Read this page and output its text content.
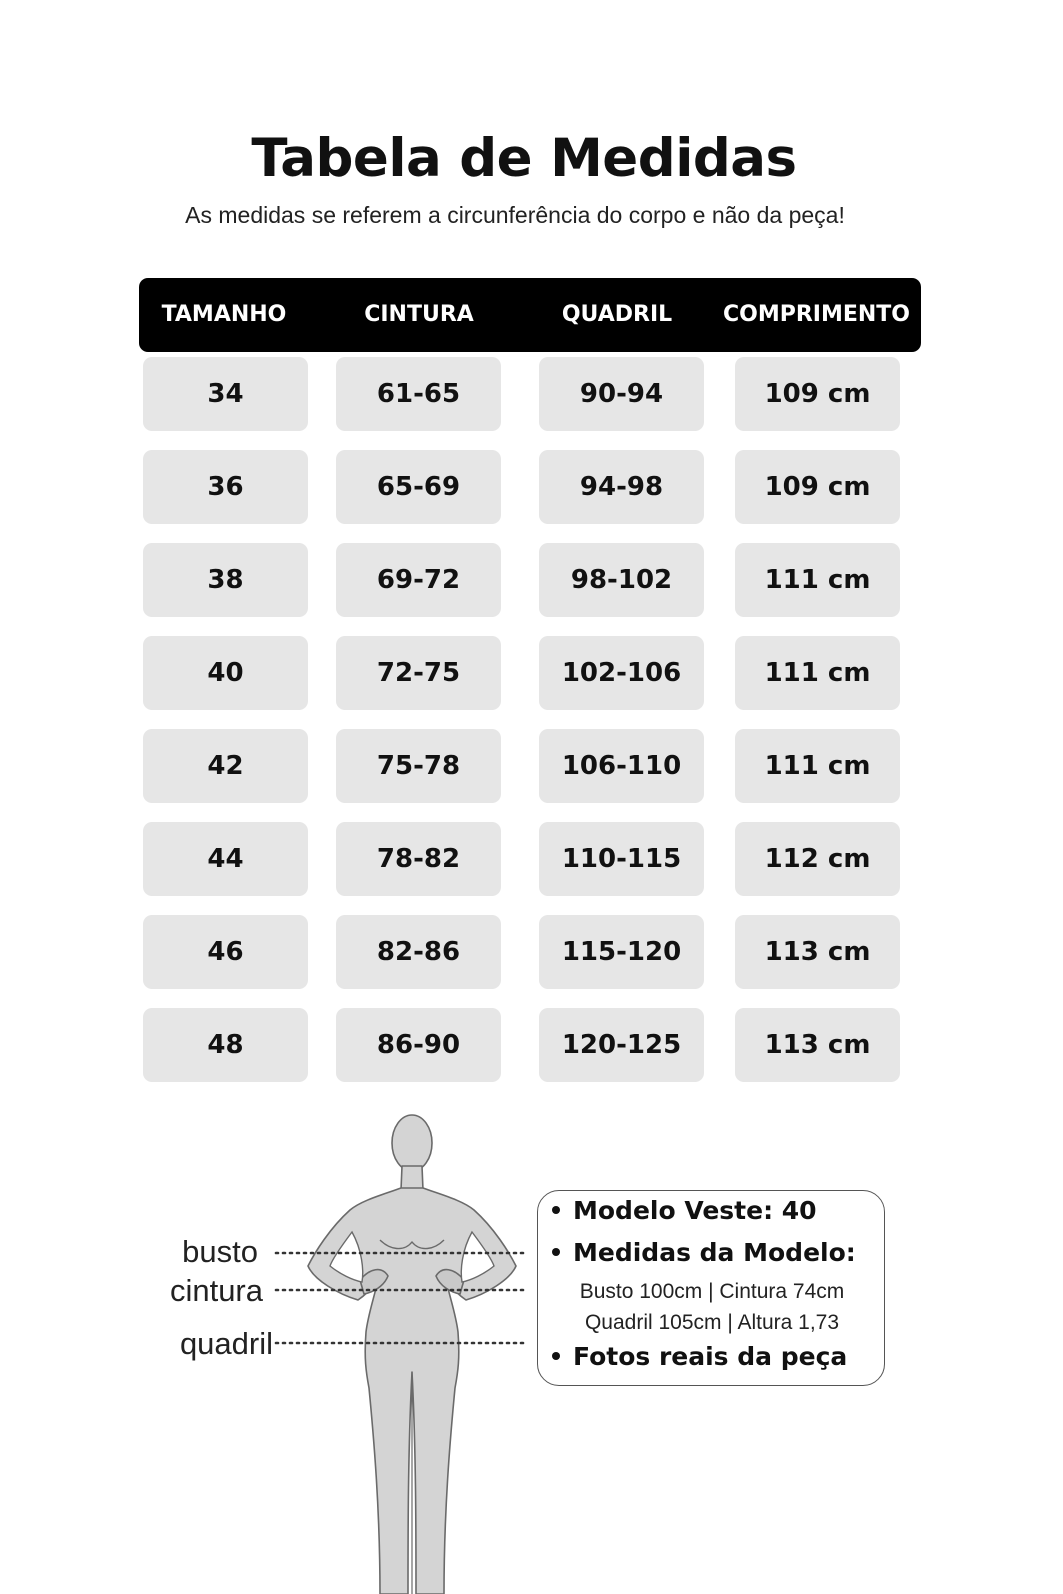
Tabela de Medidas
As medidas se referem a circunferência do corpo e não da peça!
TAMANHO	CINTURA	QUADRIL	COMPRIMENTO
34	61-65	90-94	109 cm
36	65-69	94-98	109 cm
38	69-72	98-102	111 cm
40	72-75	102-106	111 cm
42	75-78	106-110	111 cm
44	78-82	110-115	112 cm
46	82-86	115-120	113 cm
48	86-90	120-125	113 cm
busto
cintura
quadril
Modelo Veste: 40
Medidas da Modelo:
Busto 100cm | Cintura 74cm
Quadril 105cm | Altura 1,73
Fotos reais da peça
